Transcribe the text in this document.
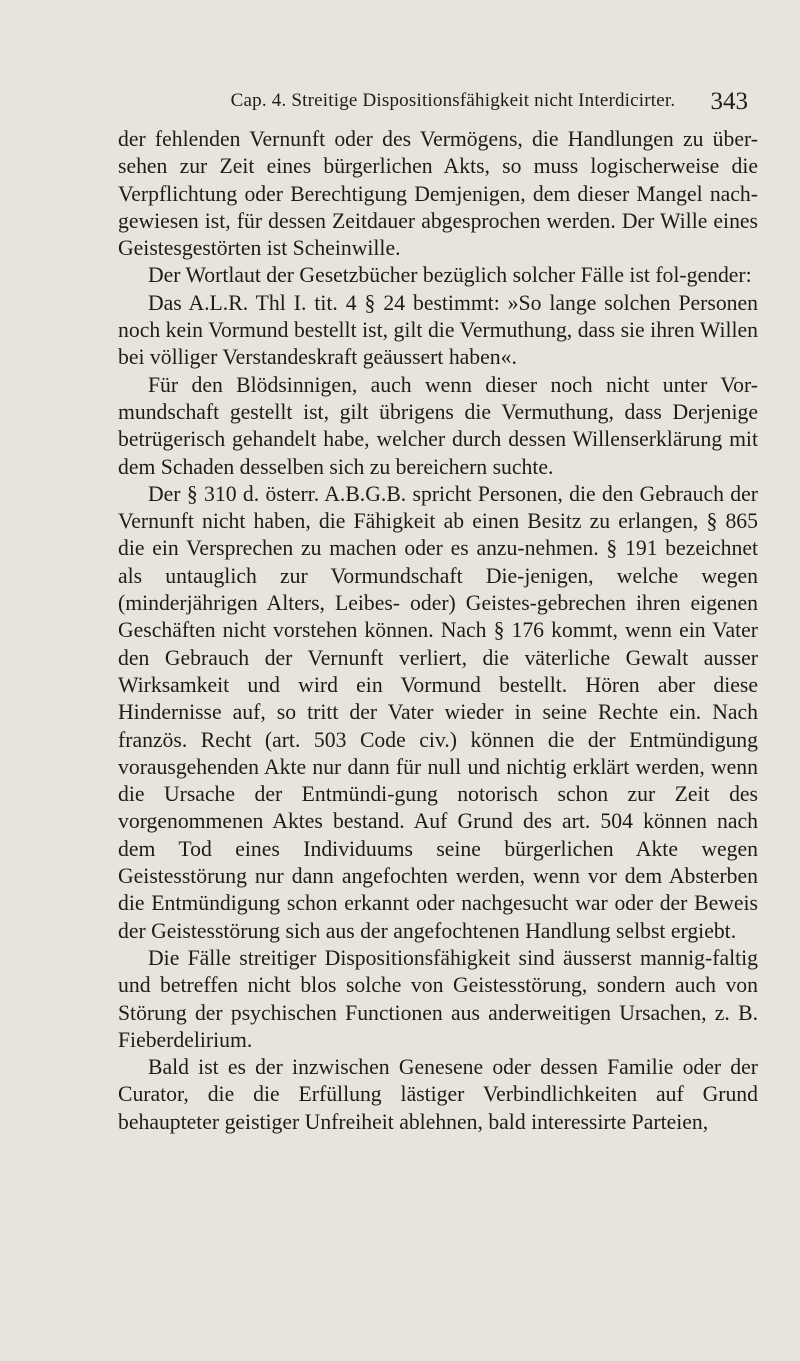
Cap. 4. Streitige Dispositionsfähigkeit nicht Interdicirter.	343

der fehlenden Vernunft oder des Vermögens, die Handlungen zu über-sehen zur Zeit eines bürgerlichen Akts, so muss logischerweise die Verpflichtung oder Berechtigung Demjenigen, dem dieser Mangel nach-gewiesen ist, für dessen Zeitdauer abgesprochen werden. Der Wille eines Geistesgestörten ist Scheinwille.

Der Wortlaut der Gesetzbücher bezüglich solcher Fälle ist fol-gender:

Das A.L.R. Thl I. tit. 4 § 24 bestimmt: »So lange solchen Personen noch kein Vormund bestellt ist, gilt die Vermuthung, dass sie ihren Willen bei völliger Verstandeskraft geäussert haben«.

Für den Blödsinnigen, auch wenn dieser noch nicht unter Vor-mundschaft gestellt ist, gilt übrigens die Vermuthung, dass Derjenige betrügerisch gehandelt habe, welcher durch dessen Willenserklärung mit dem Schaden desselben sich zu bereichern suchte.

Der § 310 d. österr. A.B.G.B. spricht Personen, die den Gebrauch der Vernunft nicht haben, die Fähigkeit ab einen Besitz zu erlangen, § 865 die ein Versprechen zu machen oder es anzu-nehmen. § 191 bezeichnet als untauglich zur Vormundschaft Die-jenigen, welche wegen (minderjährigen Alters, Leibes- oder) Geistes-gebrechen ihren eigenen Geschäften nicht vorstehen können. Nach § 176 kommt, wenn ein Vater den Gebrauch der Vernunft verliert, die väterliche Gewalt ausser Wirksamkeit und wird ein Vormund bestellt. Hören aber diese Hindernisse auf, so tritt der Vater wieder in seine Rechte ein. Nach französ. Recht (art. 503 Code civ.) können die der Entmündigung vorausgehenden Akte nur dann für null und nichtig erklärt werden, wenn die Ursache der Entmündi-gung notorisch schon zur Zeit des vorgenommenen Aktes bestand. Auf Grund des art. 504 können nach dem Tod eines Individuums seine bürgerlichen Akte wegen Geistesstörung nur dann angefochten werden, wenn vor dem Absterben die Entmündigung schon erkannt oder nachgesucht war oder der Beweis der Geistesstörung sich aus der angefochtenen Handlung selbst ergiebt.

Die Fälle streitiger Dispositionsfähigkeit sind äusserst mannig-faltig und betreffen nicht blos solche von Geistesstörung, sondern auch von Störung der psychischen Functionen aus anderweitigen Ursachen, z. B. Fieberdelirium.

Bald ist es der inzwischen Genesene oder dessen Familie oder der Curator, die die Erfüllung lästiger Verbindlichkeiten auf Grund behaupteter geistiger Unfreiheit ablehnen, bald interessirte Parteien,
